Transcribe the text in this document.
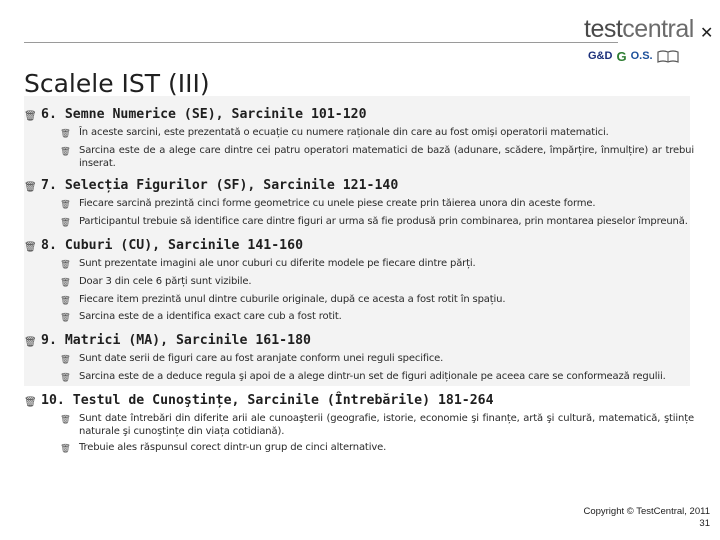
testcentral ✕
G&D G O.S.
Scalele IST (III)
🗑 6. Semne Numerice (SE), Sarcinile 101-120
🗑 În aceste sarcini, este prezentată o ecuație cu numere raționale din care au fost omiși operatorii matematici.
🗑 Sarcina este de a alege care dintre cei patru operatori matematici de bază (adunare, scădere, împărțire, înmulțire) ar trebui inserat.
🗑 7. Selecția Figurilor (SF), Sarcinile 121-140
🗑 Fiecare sarcină prezintă cinci forme geometrice cu unele piese create prin tăierea unora din aceste forme.
🗑 Participantul trebuie să identifice care dintre figuri ar urma să fie produsă prin combinarea, prin montarea pieselor împreună.
🗑 8. Cuburi (CU), Sarcinile 141-160
🗑 Sunt prezentate imagini ale unor cuburi cu diferite modele pe fiecare dintre părți.
🗑 Doar 3 din cele 6 părți sunt vizibile.
🗑 Fiecare item prezintă unul dintre cuburile originale, după ce acesta a fost rotit în spațiu.
🗑 Sarcina este de a identifica exact care cub a fost rotit.
🗑 9. Matrici (MA), Sarcinile 161-180
🗑 Sunt date serii de figuri care au fost aranjate conform unei reguli specifice.
🗑 Sarcina este de a deduce regula şi apoi de a alege dintr-un set de figuri adiționale pe aceea care se conformează regulii.
🗑 10. Testul de Cunoştințe, Sarcinile (Întrebările) 181-264
🗑 Sunt date întrebări din diferite arii ale cunoaşterii (geografie, istorie, economie şi finanțe, artă şi cultură, matematică, ştiințe naturale şi cunoştințe din viața cotidiană).
🗑 Trebuie ales răspunsul corect dintr-un grup de cinci alternative.
Copyright © TestCentral, 2011
31
